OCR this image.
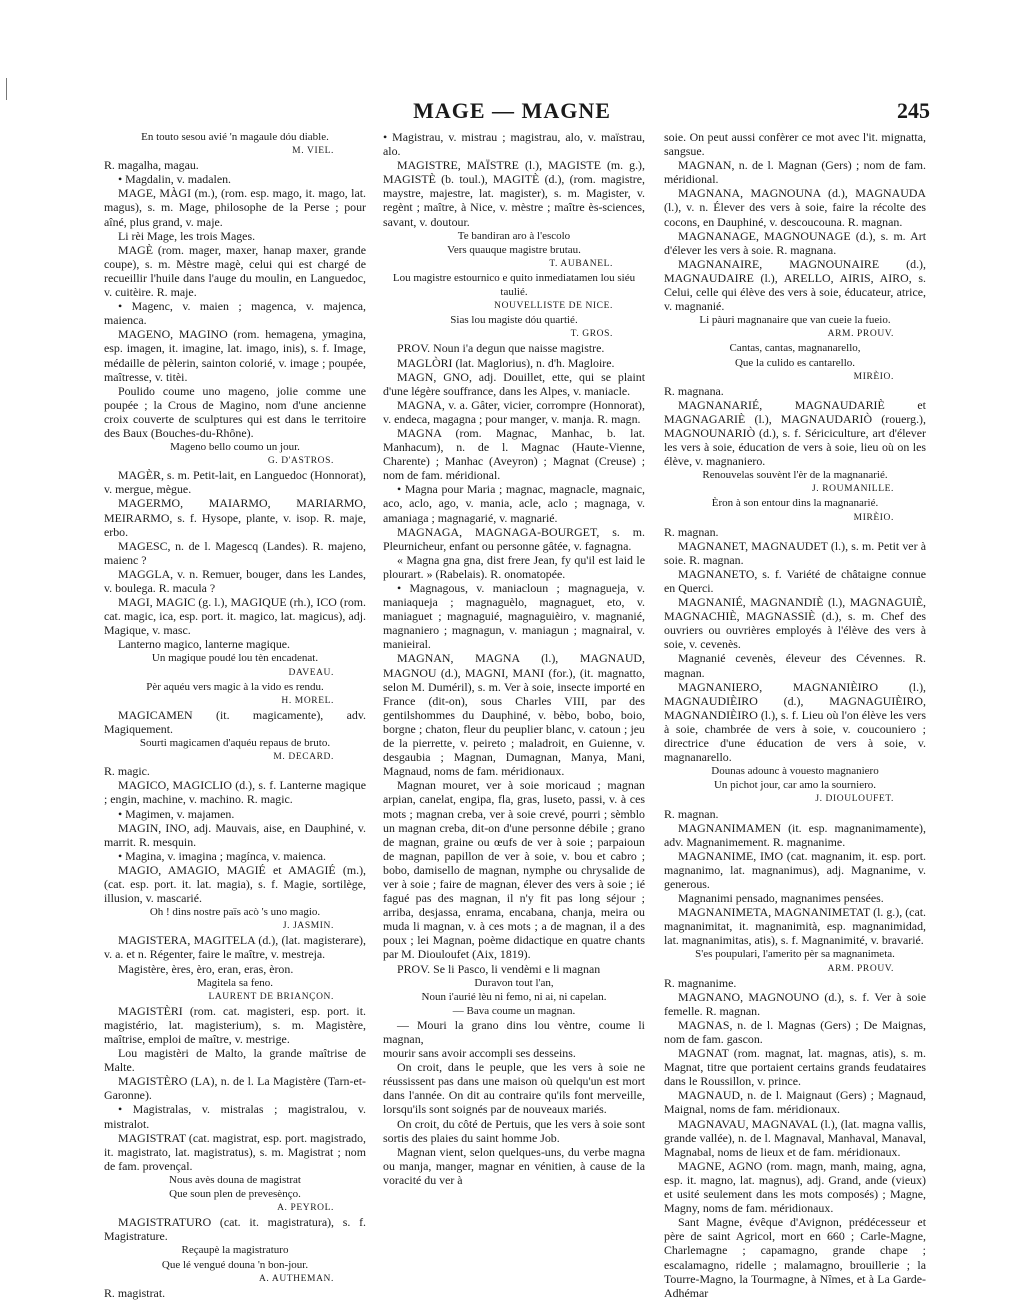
MAGE — MAGNE	245

En touto sesou avié 'n magaule dóu diable.

M. VIEL.

R. magalha, magau.

• Magdalin, v. madalen.

MAGE, MÀGI (m.), (rom. esp. mago, it. mago, lat. magus), s. m. Mage, philosophe de la Perse ; pour aîné, plus grand, v. maje.

Li rèi Mage, les trois Mages.

MAGÈ (rom. mager, maxer, hanap maxer, grande coupe), s. m. Mèstre magè, celui qui est chargé de recueillir l'huile dans l'auge du moulin, en Languedoc, v. cuitèire. R. maje.

• Magenc, v. maien ; magenca, v. majenca, maienca.

MAGENO, MAGINO (rom. hemagena, ymagina, esp. imagen, it. imagine, lat. imago, inis), s. f. Image, médaille de pèlerin, sainton colorié, v. image ; poupée, maîtresse, v. titèi.

Poulido coume uno mageno, jolie comme une poupée ; la Crous de Magino, nom d'une ancienne croix couverte de sculptures qui est dans le territoire des Baux (Bouches-du-Rhône).

Mageno bello coumo un jour.

G. D'ASTROS.

MAGÈR, s. m. Petit-lait, en Languedoc (Honnorat), v. mergue, mègue.

MAGERMO, MAIARMO, MARIARMO, MEIRARMO, s. f. Hysope, plante, v. isop. R. maje, erbo.

MAGESC, n. de l. Magescq (Landes). R. majeno, maienc ?

MAGGLA, v. n. Remuer, bouger, dans les Landes, v. boulega. R. macula ?

MAGI, MAGIC (g. l.), MAGIQUE (rh.), ICO (rom. cat. magic, ica, esp. port. it. magico, lat. magicus), adj. Magique, v. masc.

Lanterno magico, lanterne magique.

Un magique poudé lou tèn encadenat.

DAVEAU.

Pèr aquéu vers magic à la vido es rendu.

H. MOREL.

MAGICAMEN (it. magicamente), adv. Magiquement.

Sourti magicamen d'aquéu repaus de bruto.

M. DECARD.

R. magic.

MAGICO, MAGICLIO (d.), s. f. Lanterne magique ; engin, machine, v. machino. R. magic.

• Magimen, v. majamen.

MAGIN, INO, adj. Mauvais, aise, en Dauphiné, v. marrit. R. mesquin.

• Magina, v. imagina ; magínca, v. maienca.

MAGIO, AMAGIO, MAGIÉ et AMAGIÉ (m.), (cat. esp. port. it. lat. magia), s. f. Magie, sortilège, illusion, v. mascarié.

Oh ! dins nostre païs acò 's uno magio.

J. JASMIN.

MAGISTERA, MAGITELA (d.), (lat. magisterare), v. a. et n. Régenter, faire le maître, v. mestreja.

Magistère, ères, èro, eran, eras, èron.

Magitela sa feno.

LAURENT DE BRIANÇON.

MAGISTÈRI (rom. cat. magisteri, esp. port. it. magistério, lat. magisterium), s. m. Magistère, maîtrise, emploi de maître, v. mestrige.

Lou magistèri de Malto, la grande maîtrise de Malte.

MAGISTÈRO (LA), n. de l. La Magistère (Tarn-et-Garonne).

• Magistralas, v. mistralas ; magistralou, v. mistralot.

MAGISTRAT (cat. magistrat, esp. port. magistrado, it. magistrato, lat. magistratus), s. m. Magistrat ; nom de fam. provençal.

Nous avès douna de magistrat

Que soun plen de prevesènço.

A. PEYROL.

MAGISTRATURO (cat. it. magistratura), s. f. Magistrature.

Reçaupè la magistraturo

Que lé vengué douna 'n bon-jour.

A. AUTHEMAN.

R. magistrat.

• Magistrau, v. mistrau ; magistrau, alo, v. maïstrau, alo.

MAGISTRE, MAÏSTRE (l.), MAGISTE (m. g.), MAGISTÈ (b. toul.), MAGITÈ (d.), (rom. magistre, maystre, majestre, lat. magister), s. m. Magister, v. regènt ; maître, à Nice, v. mèstre ; maître ès-sciences, savant, v. doutour.

Te bandiran aro à l'escolo

Vers quauque magistre brutau.

T. AUBANEL.

Lou magistre estournico e quito inmediatamen lou siéu taulié.

NOUVELLISTE DE NICE.

Sias lou magiste dóu quartié.

T. GROS.

PROV. Noun i'a degun que naisse magistre.

MAGLÒRI (lat. Maglorius), n. d'h. Magloire.

MAGN, GNO, adj. Douillet, ette, qui se plaint d'une légère souffrance, dans les Alpes, v. maniacle.

MAGNA, v. a. Gâter, vicier, corrompre (Honnorat), v. endeca, magagna ; pour manger, v. manja. R. magn.

MAGNA (rom. Magnac, Manhac, b. lat. Manhacum), n. de l. Magnac (Haute-Vienne, Charente) ; Manhac (Aveyron) ; Magnat (Creuse) ; nom de fam. méridional.

• Magna pour Maria ; magnac, magnacle, magnaic, aco, aclo, ago, v. mania, acle, aclo ; magnaga, v. amaniaga ; magnagarié, v. magnarié.

MAGNAGA, MAGNAGA-BOURGET, s. m. Pleurnicheur, enfant ou personne gâtée, v. fagnagna.

« Magna gna gna, dist frere Jean, fy qu'il est laid le plourart. » (Rabelais). R. onomatopée.

• Magnagous, v. maniacloun ; magnagueja, v. maniaqueja ; magnaguèlo, magnaguet, eto, v. maniaguet ; magnaguié, magnaguièiro, v. magnanié, magnaniero ; magnagun, v. maniagun ; magnairal, v. manieiral.

MAGNAN, MAGNA (l.), MAGNAUD, MAGNOU (d.), MAGNI, MANI (for.), (it. magnatto, selon M. Duméril), s. m. Ver à soie, insecte importé en France (dit-on), sous Charles VIII, par des gentilshommes du Dauphiné, v. bèbo, bobo, boio, borgne ; chaton, fleur du peuplier blanc, v. catoun ; jeu de la pierrette, v. peireto ; maladroit, en Guienne, v. desgaubia ; Magnan, Dumagnan, Manya, Mani, Magnaud, noms de fam. méridionaux.

Magnan mouret, ver à soie moricaud ; magnan arpian, canelat, engipa, fla, gras, luseto, passi, v. à ces mots ; magnan creba, ver à soie crevé, pourri ; sèmblo un magnan creba, dit-on d'une personne débile ; grano de magnan, graine ou œufs de ver à soie ; parpaioun de magnan, papillon de ver à soie, v. bou et cabro ; bobo, damisello de magnan, nymphe ou chrysalide de ver à soie ; faire de magnan, élever des vers à soie ; ié fagué pas des magnan, il n'y fit pas long séjour ; arriba, desjassa, enrama, encabana, chanja, meira ou muda li magnan, v. à ces mots ; a de magnan, il a des poux ; lei Magnan, poème didactique en quatre chants par M. Diouloufet (Aix, 1819).

PROV. Se li Pasco, li vendèmi e li magnan

Duravon tout l'an,

Noun i'aurié lèu ni femo, ni ai, ni capelan.

— Bava coume un magnan.

— Mouri la grano dins lou vèntre, coume li magnan,

mourir sans avoir accompli ses desseins.

On croit, dans le peuple, que les vers à soie ne réussissent pas dans une maison où quelqu'un est mort dans l'année. On dit au contraire qu'ils font merveille, lorsqu'ils sont soignés par de nouveaux mariés.

On croit, du côté de Pertuis, que les vers à soie sont sortis des plaies du saint homme Job.

Magnan vient, selon quelques-uns, du verbe magna ou manja, manger, magnar en vénitien, à cause de la voracité du ver à

soie. On peut aussi confèrer ce mot avec l'it. mignatta, sangsue.

MAGNAN, n. de l. Magnan (Gers) ; nom de fam. méridional.

MAGNANA, MAGNOUNA (d.), MAGNAUDA (l.), v. n. Élever des vers à soie, faire la récolte des cocons, en Dauphiné, v. descoucouna. R. magnan.

MAGNANAGE, MAGNOUNAGE (d.), s. m. Art d'élever les vers à soie. R. magnana.

MAGNANAIRE, MAGNOUNAIRE (d.), MAGNAUDAIRE (l.), ARELLO, AIRIS, AIRO, s. Celui, celle qui élève des vers à soie, éducateur, atrice, v. magnanié.

Li pàuri magnanaire que van cueie la fueio.

ARM. PROUV.

Cantas, cantas, magnanarello,

Que la culido es cantarello.

MIRÈIO.

R. magnana.

MAGNANARIÉ, MAGNAUDARIÈ et MAGNAGARIÈ (l.), MAGNAUDARIÒ (rouerg.), MAGNOUNARIÒ (d.), s. f. Sériciculture, art d'élever les vers à soie, éducation de vers à soie, lieu où on les élève, v. magnaniero.

Renouvelas souvènt l'èr de la magnanarié.

J. ROUMANILLE.

Èron à son entour dins la magnanarié.

MIRÈIO.

R. magnan.

MAGNANET, MAGNAUDET (l.), s. m. Petit ver à soie. R. magnan.

MAGNANETO, s. f. Variété de châtaigne connue en Querci.

MAGNANIÉ, MAGNANDIÈ (l.), MAGNAGUIÈ, MAGNACHIÈ, MAGNASSIÈ (d.), s. m. Chef des ouvriers ou ouvrières employés à l'élève des vers à soie, v. cevenès.

Magnanié cevenès, éleveur des Cévennes. R. magnan.

MAGNANIERO, MAGNANIÈIRO (l.), MAGNAUDIÈIRO (d.), MAGNAGUIÈIRO, MAGNANDIÈIRO (l.), s. f. Lieu où l'on élève les vers à soie, chambrée de vers à soie, v. coucouniero ; directrice d'une éducation de vers à soie, v. magnanarello.

Dounas adounc à vouesto magnaniero

Un pichot jour, car amo la sourniero.

J. DIOULOUFET.

R. magnan.

MAGNANIMAMEN (it. esp. magnanimamente), adv. Magnanimement. R. magnanime.

MAGNANIME, IMO (cat. magnanim, it. esp. port. magnanimo, lat. magnanimus), adj. Magnanime, v. generous.

Magnanimi pensado, magnanimes pensées.

MAGNANIMETA, MAGNANIMETAT (l. g.), (cat. magnanimitat, it. magnanimità, esp. magnanimidad, lat. magnanimitas, atis), s. f. Magnanimité, v. bravarié.

S'es poupulari, l'amerito pèr sa magnanimeta.

ARM. PROUV.

R. magnanime.

MAGNANO, MAGNOUNO (d.), s. f. Ver à soie femelle. R. magnan.

MAGNAS, n. de l. Magnas (Gers) ; De Maignas, nom de fam. gascon.

MAGNAT (rom. magnat, lat. magnas, atis), s. m. Magnat, titre que portaient certains grands feudataires dans le Roussillon, v. prince.

MAGNAUD, n. de l. Maignaut (Gers) ; Magnaud, Maignal, noms de fam. méridionaux.

MAGNAVAU, MAGNAVAL (l.), (lat. magna vallis, grande vallée), n. de l. Magnaval, Manhaval, Manaval, Magnabal, noms de lieux et de fam. méridionaux.

MAGNE, AGNO (rom. magn, manh, maing, agna, esp. it. magno, lat. magnus), adj. Grand, ande (vieux) et usité seulement dans les mots composés) ; Magne, Magny, noms de fam. méridionaux.

Sant Magne, évêque d'Avignon, prédécesseur et père de saint Agricol, mort en 660 ; Carle-Magne, Charlemagne ; capamagno, grande chape ; escalamagno, ridelle ; malamagno, brouillerie ; la Tourre-Magno, la Tourmagne, à Nîmes, et à La Garde-Adhémar
